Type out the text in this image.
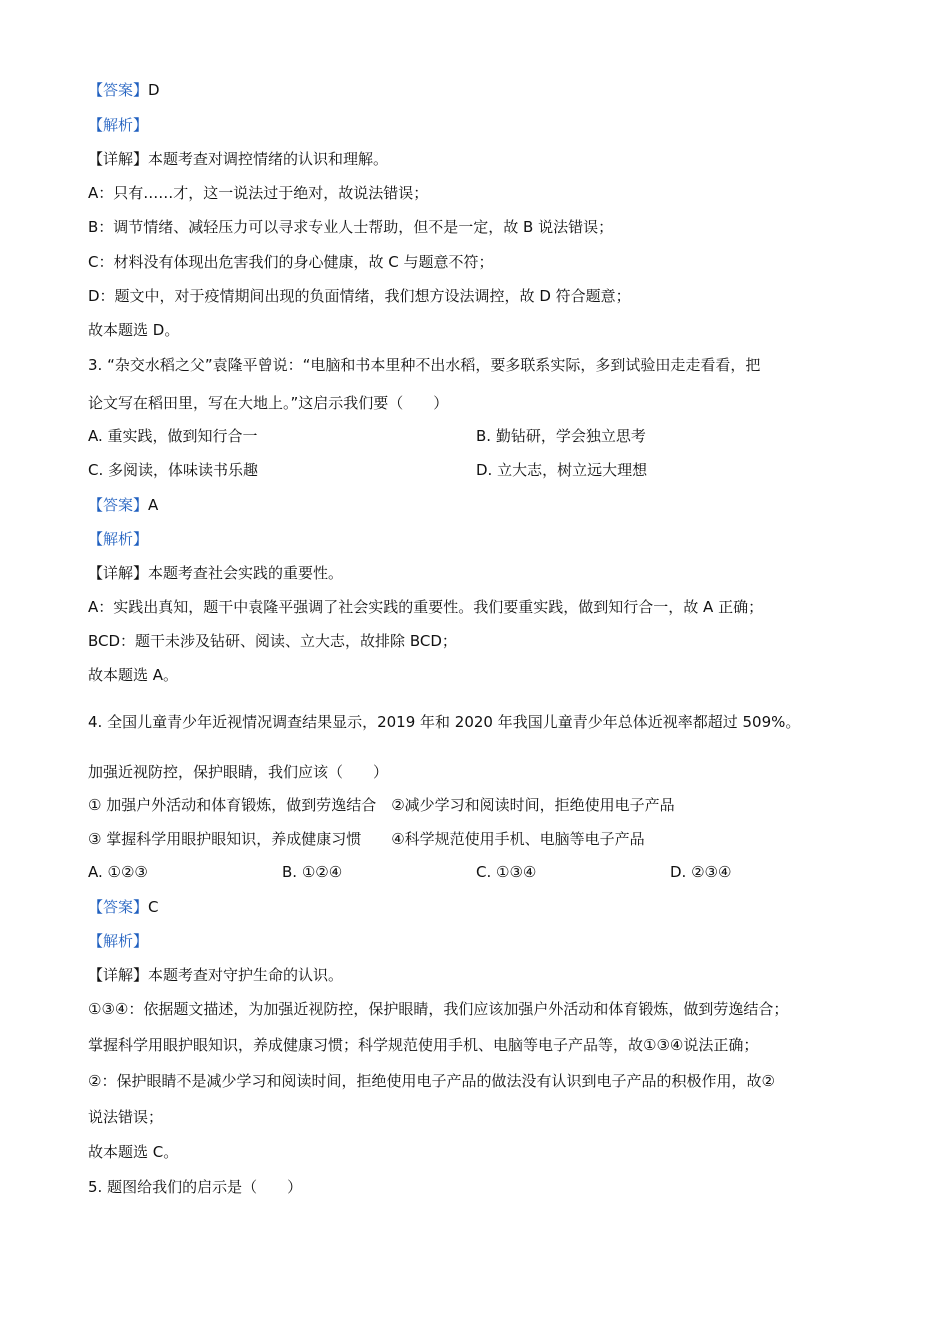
【答案】D
【解析】
【详解】本题考查对调控情绪的认识和理解。
A：只有……才，这一说法过于绝对，故说法错误；
B：调节情绪、减轻压力可以寻求专业人士帮助，但不是一定，故 B 说法错误；
C：材料没有体现出危害我们的身心健康，故 C 与题意不符；
D：题文中，对于疫情期间出现的负面情绪，我们想方设法调控，故 D 符合题意；
故本题选 D。
3. “杂交水稻之父”袁隆平曾说：“电脑和书本里种不出水稻，要多联系实际，多到试验田走走看看，把
论文写在稻田里，写在大地上。”这启示我们要（　　）
A. 重实践，做到知行合一	B. 勤钻研，学会独立思考
C. 多阅读，体味读书乐趣	D. 立大志，树立远大理想
【答案】A
【解析】
【详解】本题考查社会实践的重要性。
A：实践出真知，题干中袁隆平强调了社会实践的重要性。我们要重实践，做到知行合一，故 A 正确；
BCD：题干未涉及钻研、阅读、立大志，故排除 BCD；
故本题选 A。
4. 全国儿童青少年近视情况调查结果显示，2019 年和 2020 年我国儿童青少年总体近视率都超过 509%。
加强近视防控，保护眼睛，我们应该（　　）
① 加强户外活动和体育锻炼，做到劳逸结合　②减少学习和阅读时间，拒绝使用电子产品
③ 掌握科学用眼护眼知识，养成健康习惯　　④科学规范使用手机、电脑等电子产品
A. ①②③	B. ①②④	C. ①③④	D. ②③④
【答案】C
【解析】
【详解】本题考查对守护生命的认识。
①③④：依据题文描述，为加强近视防控，保护眼睛，我们应该加强户外活动和体育锻炼，做到劳逸结合；
掌握科学用眼护眼知识，养成健康习惯；科学规范使用手机、电脑等电子产品等，故①③④说法正确；
②：保护眼睛不是减少学习和阅读时间，拒绝使用电子产品的做法没有认识到电子产品的积极作用，故②
说法错误；
故本题选 C。
5. 题图给我们的启示是（　　）
